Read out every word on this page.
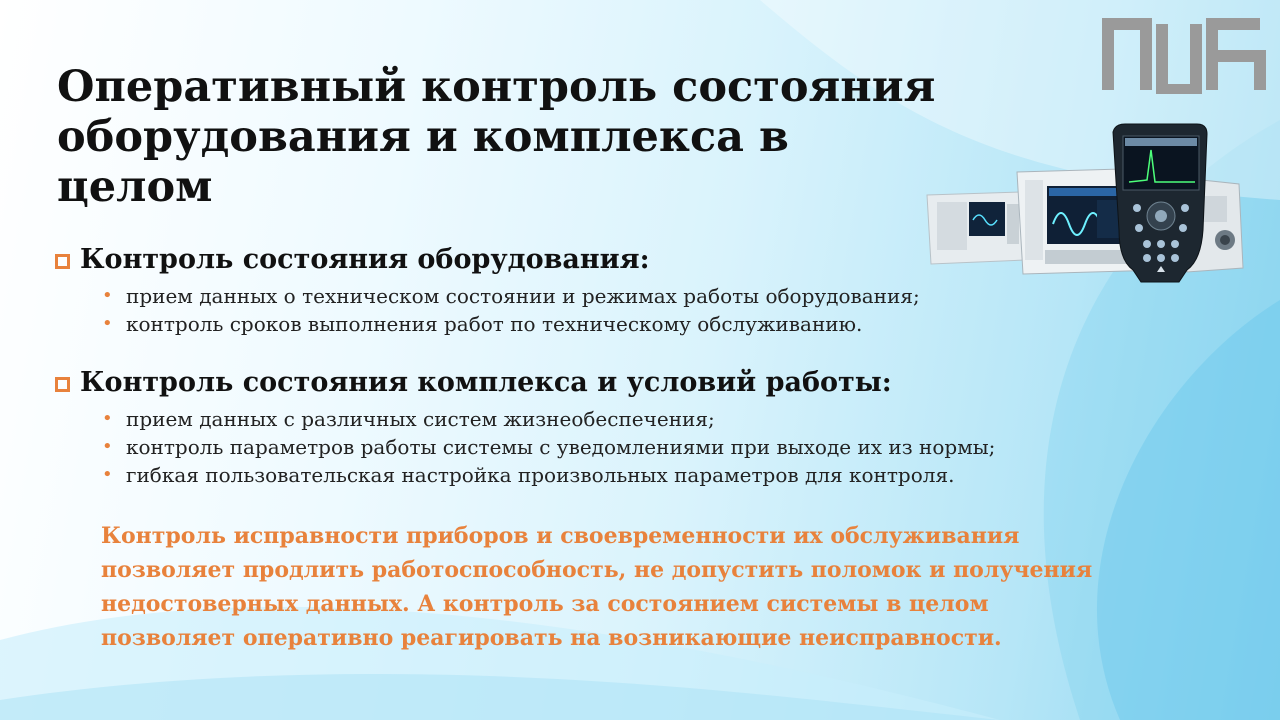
Оперативный контроль состояния
оборудования и комплекса в целом
Контроль состояния оборудования:
• прием данных о техническом состоянии и режимах работы оборудования;
• контроль сроков выполнения работ по техническому обслуживанию.
Контроль состояния комплекса и условий работы:
• прием данных с различных систем жизнеобеспечения;
• контроль параметров работы системы с уведомлениями при выходе их из нормы;
• гибкая пользовательская настройка произвольных параметров для контроля.

Контроль исправности приборов и своевременности их обслуживания
позволяет продлить работоспособность, не допустить поломок и получения
недостоверных данных. А контроль за состоянием системы в целом
позволяет оперативно реагировать на возникающие неисправности.
